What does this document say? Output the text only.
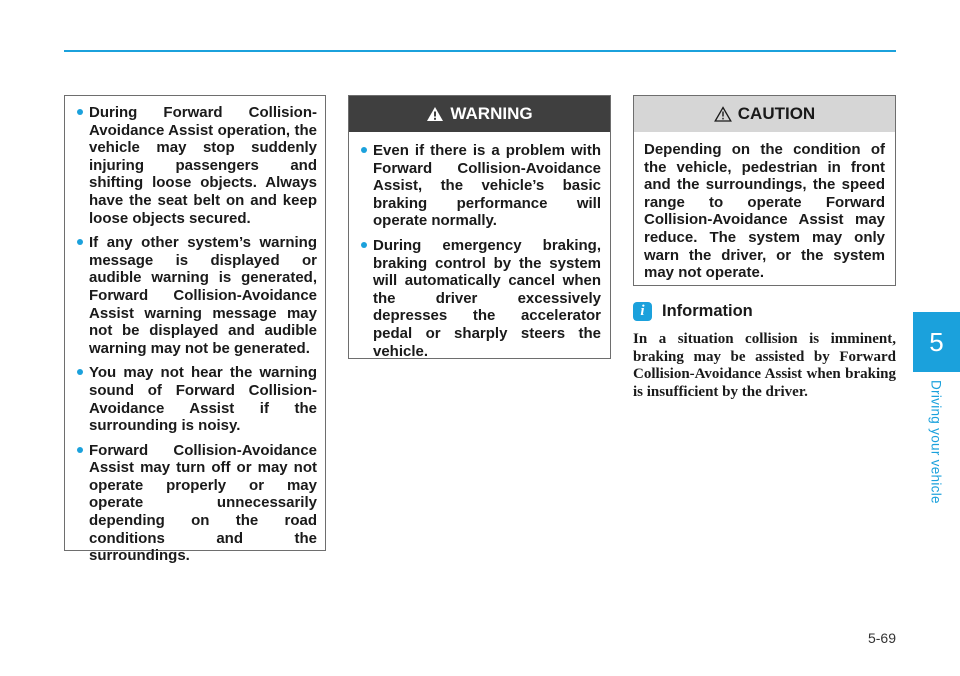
During Forward Collision-Avoidance Assist operation, the vehicle may stop suddenly injuring passengers and shifting loose objects. Always have the seat belt on and keep loose objects secured.
If any other system’s warning message is displayed or audible warning is generated, Forward Collision-Avoidance Assist warning message may not be displayed and audible warning may not be generated.
You may not hear the warning sound of Forward Collision-Avoidance Assist if the surrounding is noisy.
Forward Collision-Avoidance Assist may turn off or may not operate properly or may operate unnecessarily depending on the road conditions and the surroundings.
WARNING
Even if there is a problem with Forward Collision-Avoidance Assist, the vehicle’s basic braking performance will operate normally.
During emergency braking, braking control by the system will automatically cancel when the driver excessively depresses the accelerator pedal or sharply steers the vehicle.
CAUTION
Depending on the condition of the vehicle, pedestrian in front and the surroundings, the speed range to operate Forward Collision-Avoidance Assist may reduce. The system may only warn the driver, or the system may not operate.
i	Information

In a situation collision is imminent, braking may be assisted by Forward Collision-Avoidance Assist when braking is insufficient by the driver.

5
Driving your vehicle
5-69
